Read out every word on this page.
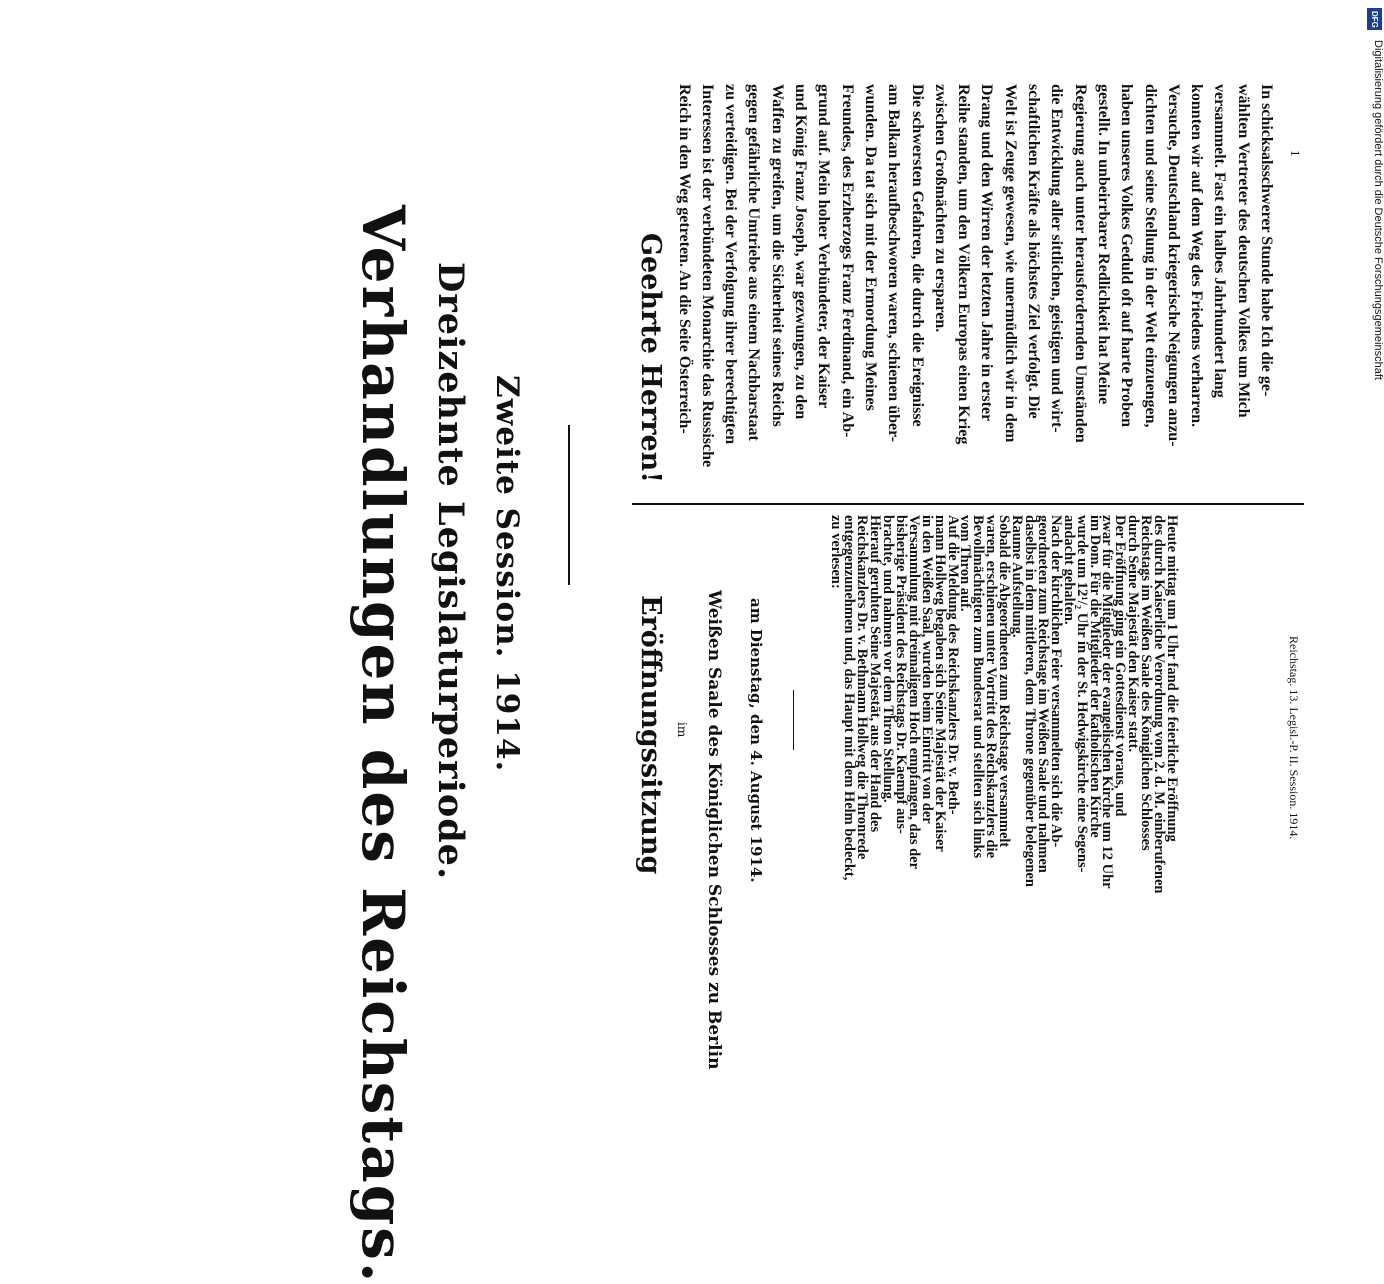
Verhandlungen des Reichstags. Dreizehnte Legislaturperiode. Zweite Session. 1914.	Eröffnungssitzung im Weißen Saale des Königlichen Schlosses zu Berlin am Dienstag, den 4. August 1914.	Heute mittag um 1 Uhr fand die feierliche Eröffnung
des durch Kaiserliche Verordnung vom 2. d. M. einberufenen
Reichstags im Weißen Saale des Königlichen Schlosses
durch Seine Majestät den Kaiser statt.
Der Eröffnung ging ein Gottesdienst voraus, und
zwar für die Mitglieder der evangelischen Kirche um 12 Uhr
im Dom. Für die Mitglieder der katholischen Kirche
wurde um 12¹/₂ Uhr in der St. Hedwigskirche eine Segens-
andacht gehalten.
Nach der kirchlichen Feier versammelten sich die Ab-
geordneten zum Reichstage im Weißen Saale und nahmen
daselbst in dem mittleren, dem Throne gegenüber belegenen
Raume Aufstellung.
Sobald die Abgeordneten zum Reichstage versammelt
waren, erschienen unter Vortritt des Reichskanzlers die
Bevollmächtigten zum Bundesrat und stellten sich links
vom Thron auf.
Auf die Meldung des Reichskanzlers Dr. v. Beth-
mann Hollweg begaben sich Seine Majestät der Kaiser
in den Weißen Saal, wurden beim Eintritt von der
Versammlung mit dreimaligem Hoch empfangen, das der
bisherige Präsident des Reichstags Dr. Kaempf aus-
brachte, und nahmen vor dem Thron Stellung.
Hierauf geruhten Seine Majestät, aus der Hand des
Reichskanzlers Dr. v. Bethmann Hollweg die Thronrede
entgegenzunehmen und, das Haupt mit dem Helm bedeckt,
zu verlesen:
Reichstag. 13. Legisl.-P. II. Session. 1914.
Geehrte Herren!	In schicksalsschwerer Stunde habe Ich die ge-
wählten Vertreter des deutschen Volkes um Mich
versammelt. Fast ein halbes Jahrhundert lang
konnten wir auf dem Weg des Friedens verharren.
Versuche, Deutschland kriegerische Neigungen anzu-
dichten und seine Stellung in der Welt einzuengen,
haben unseres Volkes Geduld oft auf harte Proben
gestellt. In unbeirrbarer Redlichkeit hat Meine
Regierung auch unter herausfordernden Umständen
die Entwicklung aller sittlichen, geistigen und wirt-
schaftlichen Kräfte als höchstes Ziel verfolgt. Die
Welt ist Zeuge gewesen, wie unermüdlich wir in dem
Drang und den Wirren der letzten Jahre in erster
Reihe standen, um den Völkern Europas einen Krieg
zwischen Großmächten zu ersparen.
Die schwersten Gefahren, die durch die Ereignisse
am Balkan heraufbeschworen waren, schienen über-
wunden. Da tat sich mit der Ermordung Meines
Freundes, des Erzherzogs Franz Ferdinand, ein Ab-
grund auf. Mein hoher Verbündeter, der Kaiser
und König Franz Joseph, war gezwungen, zu den
Waffen zu greifen, um die Sicherheit seines Reichs
gegen gefährliche Umtriebe aus einem Nachbarstaat
zu verteidigen. Bei der Verfolgung ihrer berechtigten
Interessen ist der verbündeten Monarchie das Russische
Reich in den Weg getreten. An die Seite Österreich-	1
DFG
Digitalisierung gefördert durch die Deutsche Forschungsgemeinschaft
